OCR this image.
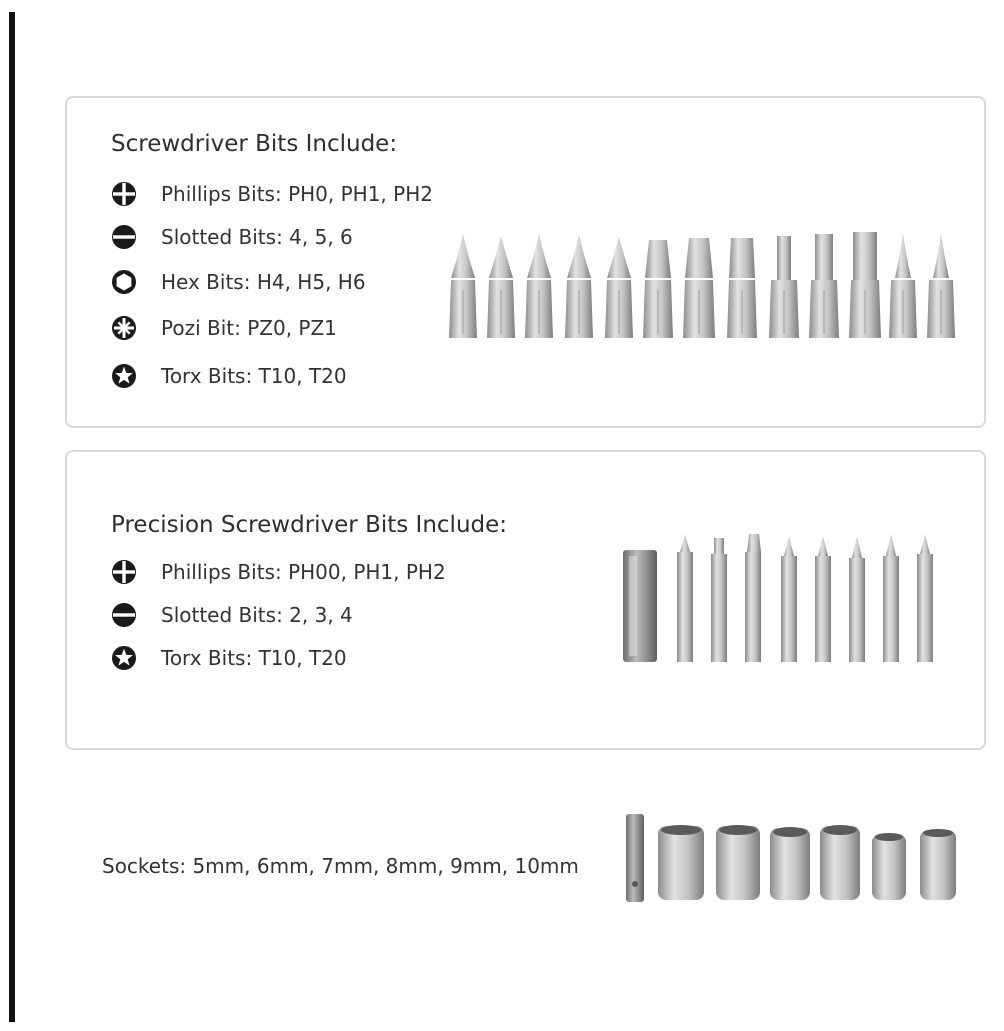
Screwdriver Bits Include:
Phillips Bits: PH0, PH1, PH2
Slotted Bits: 4, 5, 6
Hex Bits: H4, H5, H6
Pozi Bit: PZ0, PZ1
Torx Bits: T10, T20
Precision Screwdriver Bits Include:
Phillips Bits: PH00, PH1, PH2
Slotted Bits: 2, 3, 4
Torx Bits: T10, T20
Sockets: 5mm, 6mm, 7mm, 8mm, 9mm, 10mm
